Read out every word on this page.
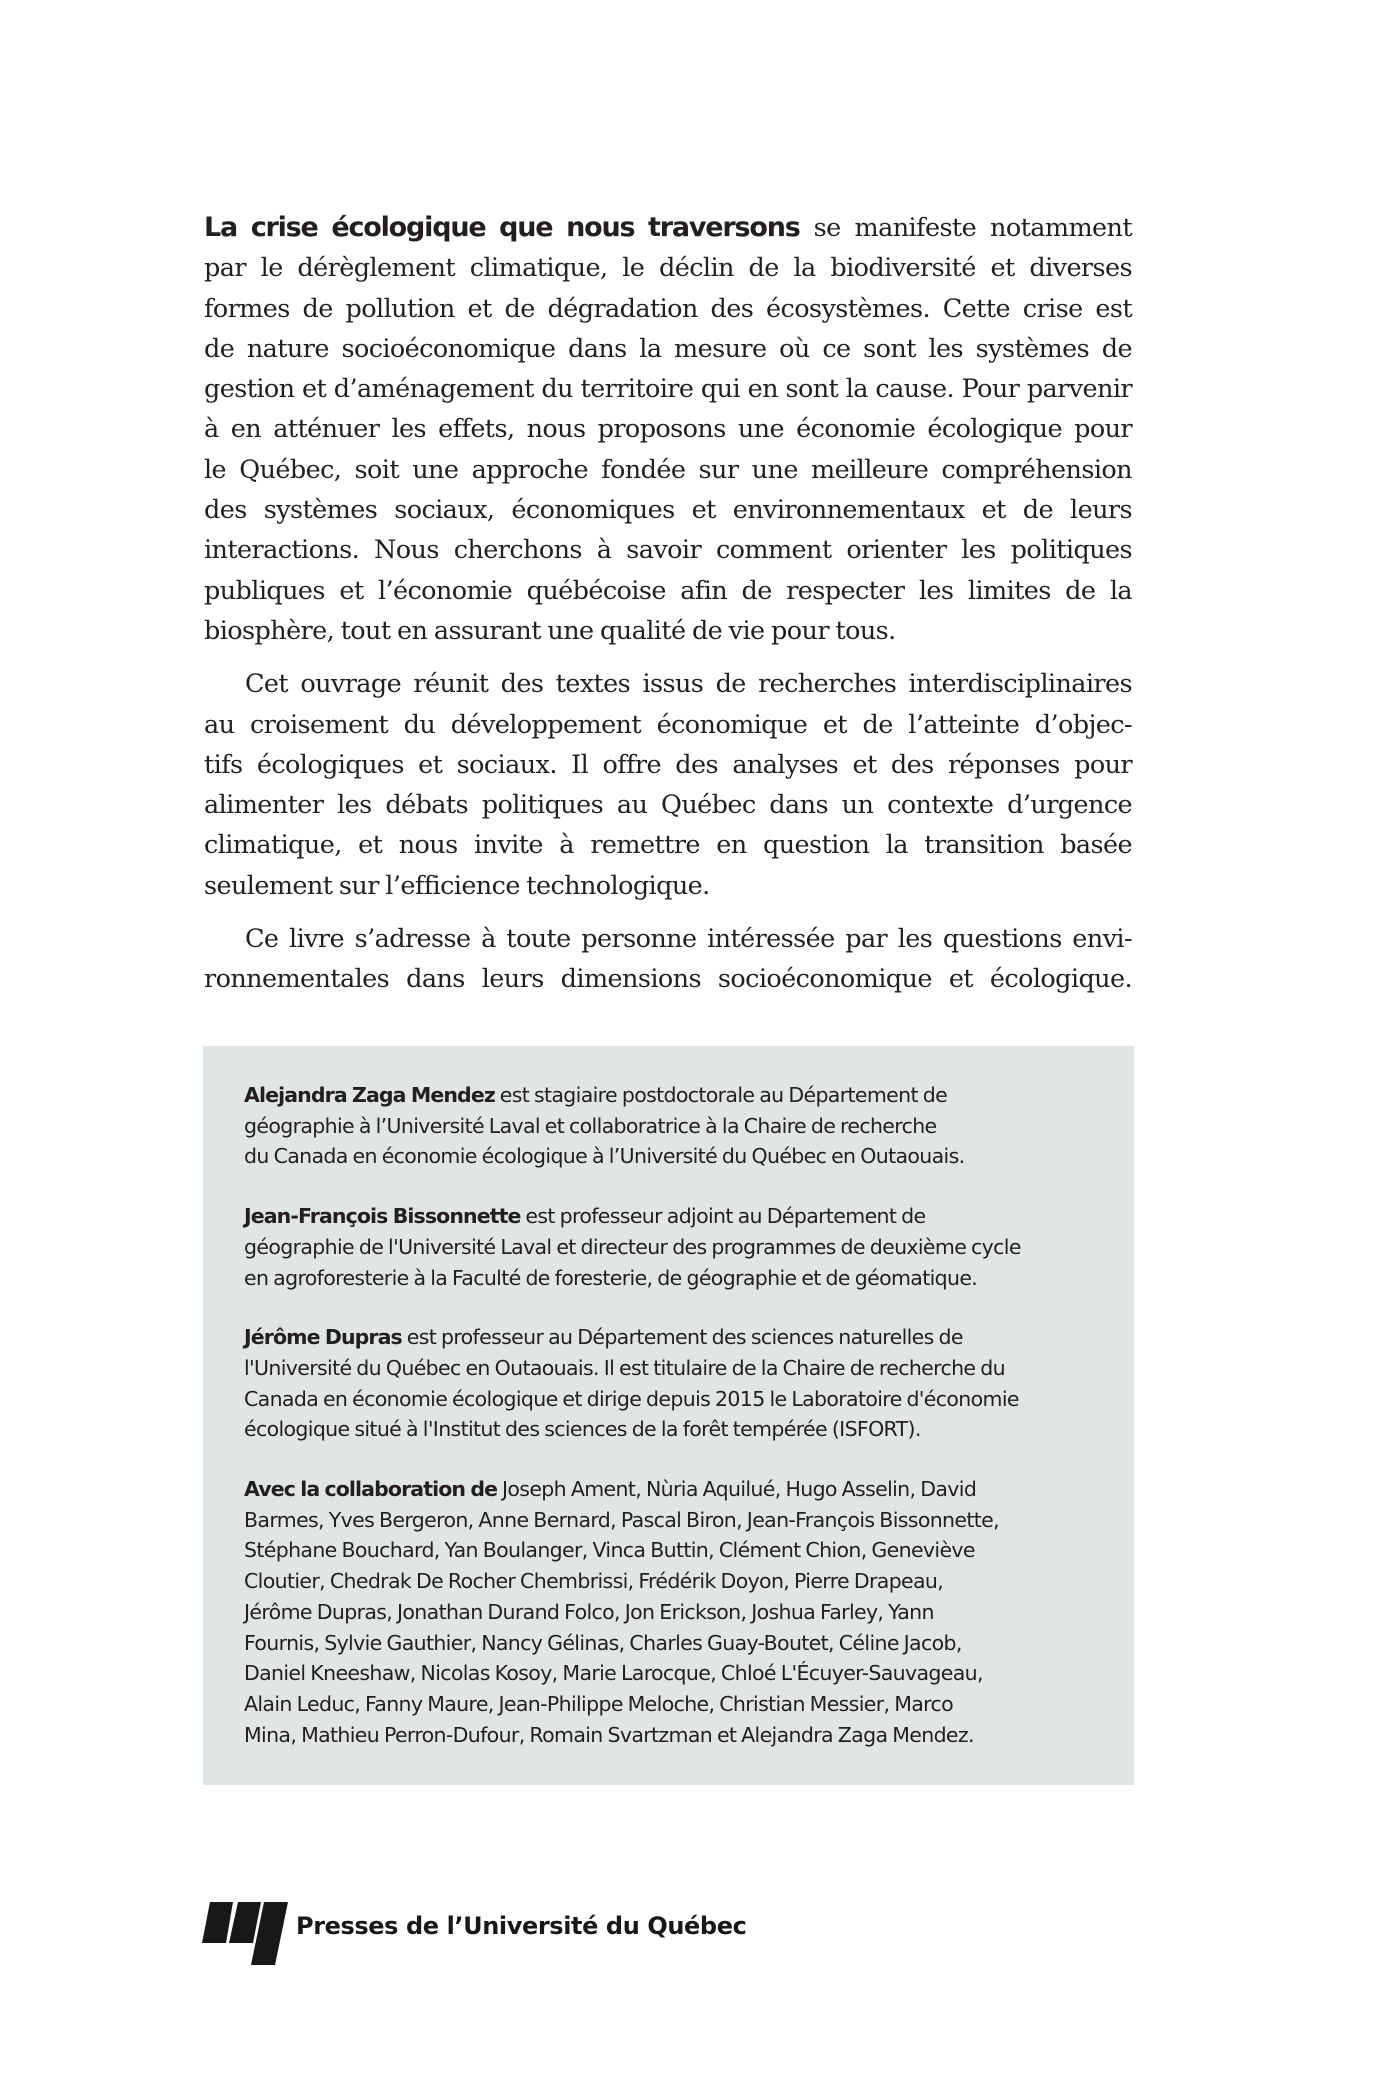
La crise écologique que nous traversons se manifeste notamment
par le dérèglement climatique, le déclin de la biodiversité et diverses
formes de pollution et de dégradation des écosystèmes. Cette crise est
de nature socioéconomique dans la mesure où ce sont les systèmes de
gestion et d’aménagement du territoire qui en sont la cause. Pour parvenir
à en atténuer les effets, nous proposons une économie écologique pour
le Québec, soit une approche fondée sur une meilleure compréhension
des systèmes sociaux, économiques et environnementaux et de leurs
interactions. Nous cherchons à savoir comment orienter les politiques
publiques et l’économie québécoise afin de respecter les limites de la
biosphère, tout en assurant une qualité de vie pour tous.

Cet ouvrage réunit des textes issus de recherches interdisciplinaires
au croisement du développement économique et de l’atteinte d’objec-
tifs écologiques et sociaux. Il offre des analyses et des réponses pour
alimenter les débats politiques au Québec dans un contexte d’urgence
climatique, et nous invite à remettre en question la transition basée
seulement sur l’efficience technologique.

Ce livre s’adresse à toute personne intéressée par les questions envi-
ronnementales dans leurs dimensions socioéconomique et écologique.

Alejandra Zaga Mendez est stagiaire postdoctorale au Département de
géographie à l’Université Laval et collaboratrice à la Chaire de recherche
du Canada en économie écologique à l’Université du Québec en Outaouais.

Jean-François Bissonnette est professeur adjoint au Département de
géographie de l'Université Laval et directeur des programmes de deuxième cycle
en agroforesterie à la Faculté de foresterie, de géographie et de géomatique.

Jérôme Dupras est professeur au Département des sciences naturelles de
l'Université du Québec en Outaouais. Il est titulaire de la Chaire de recherche du
Canada en économie écologique et dirige depuis 2015 le Laboratoire d'économie
écologique situé à l'Institut des sciences de la forêt tempérée (ISFORT).

Avec la collaboration de Joseph Ament, Nùria Aquilué, Hugo Asselin, David
Barmes, Yves Bergeron, Anne Bernard, Pascal Biron, Jean-François Bissonnette,
Stéphane Bouchard, Yan Boulanger, Vinca Buttin, Clément Chion, Geneviève
Cloutier, Chedrak De Rocher Chembrissi, Frédérik Doyon, Pierre Drapeau,
Jérôme Dupras, Jonathan Durand Folco, Jon Erickson, Joshua Farley, Yann
Fournis, Sylvie Gauthier, Nancy Gélinas, Charles Guay-Boutet, Céline Jacob,
Daniel Kneeshaw, Nicolas Kosoy, Marie Larocque, Chloé L'Écuyer-Sauvageau,
Alain Leduc, Fanny Maure, Jean-Philippe Meloche, Christian Messier, Marco
Mina, Mathieu Perron-Dufour, Romain Svartzman et Alejandra Zaga Mendez.

Presses de l’Université du Québec
